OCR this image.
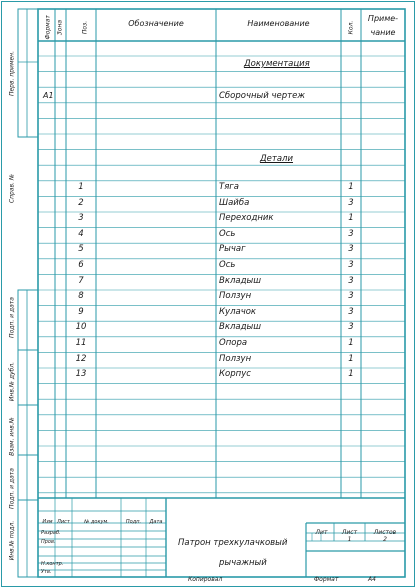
Формат Зона	Поз.	Обозначение	Наименование	Кол.
Приме-
чание
Документация
A1	Сборочный чертеж
Детали
1	Тяга	1
2	Шайба	3
3	Переходник	1
4	Ось	3
5	Рычаг	3
6	Ось	3
7	Вкладыш	3
8	Ползун	3
9	Кулачок	3
10	Вкладыш	3
11	Опора	1
12	Ползун	1
13	Корпус	1
Перв. примен.
Справ. №
Подп. и дата
Инв.№ дубл.
Взам. инв.№
Подп. и дата
Инв.№ подл.	Изм Лист	№ докум.	Подп.	Дата
Разраб.
Пров.
Н.контр.
Утв.
Патрон трехкулачковый
рычажный
Лит	Лист	Листов
1	2
Копировал	Формат	А4
